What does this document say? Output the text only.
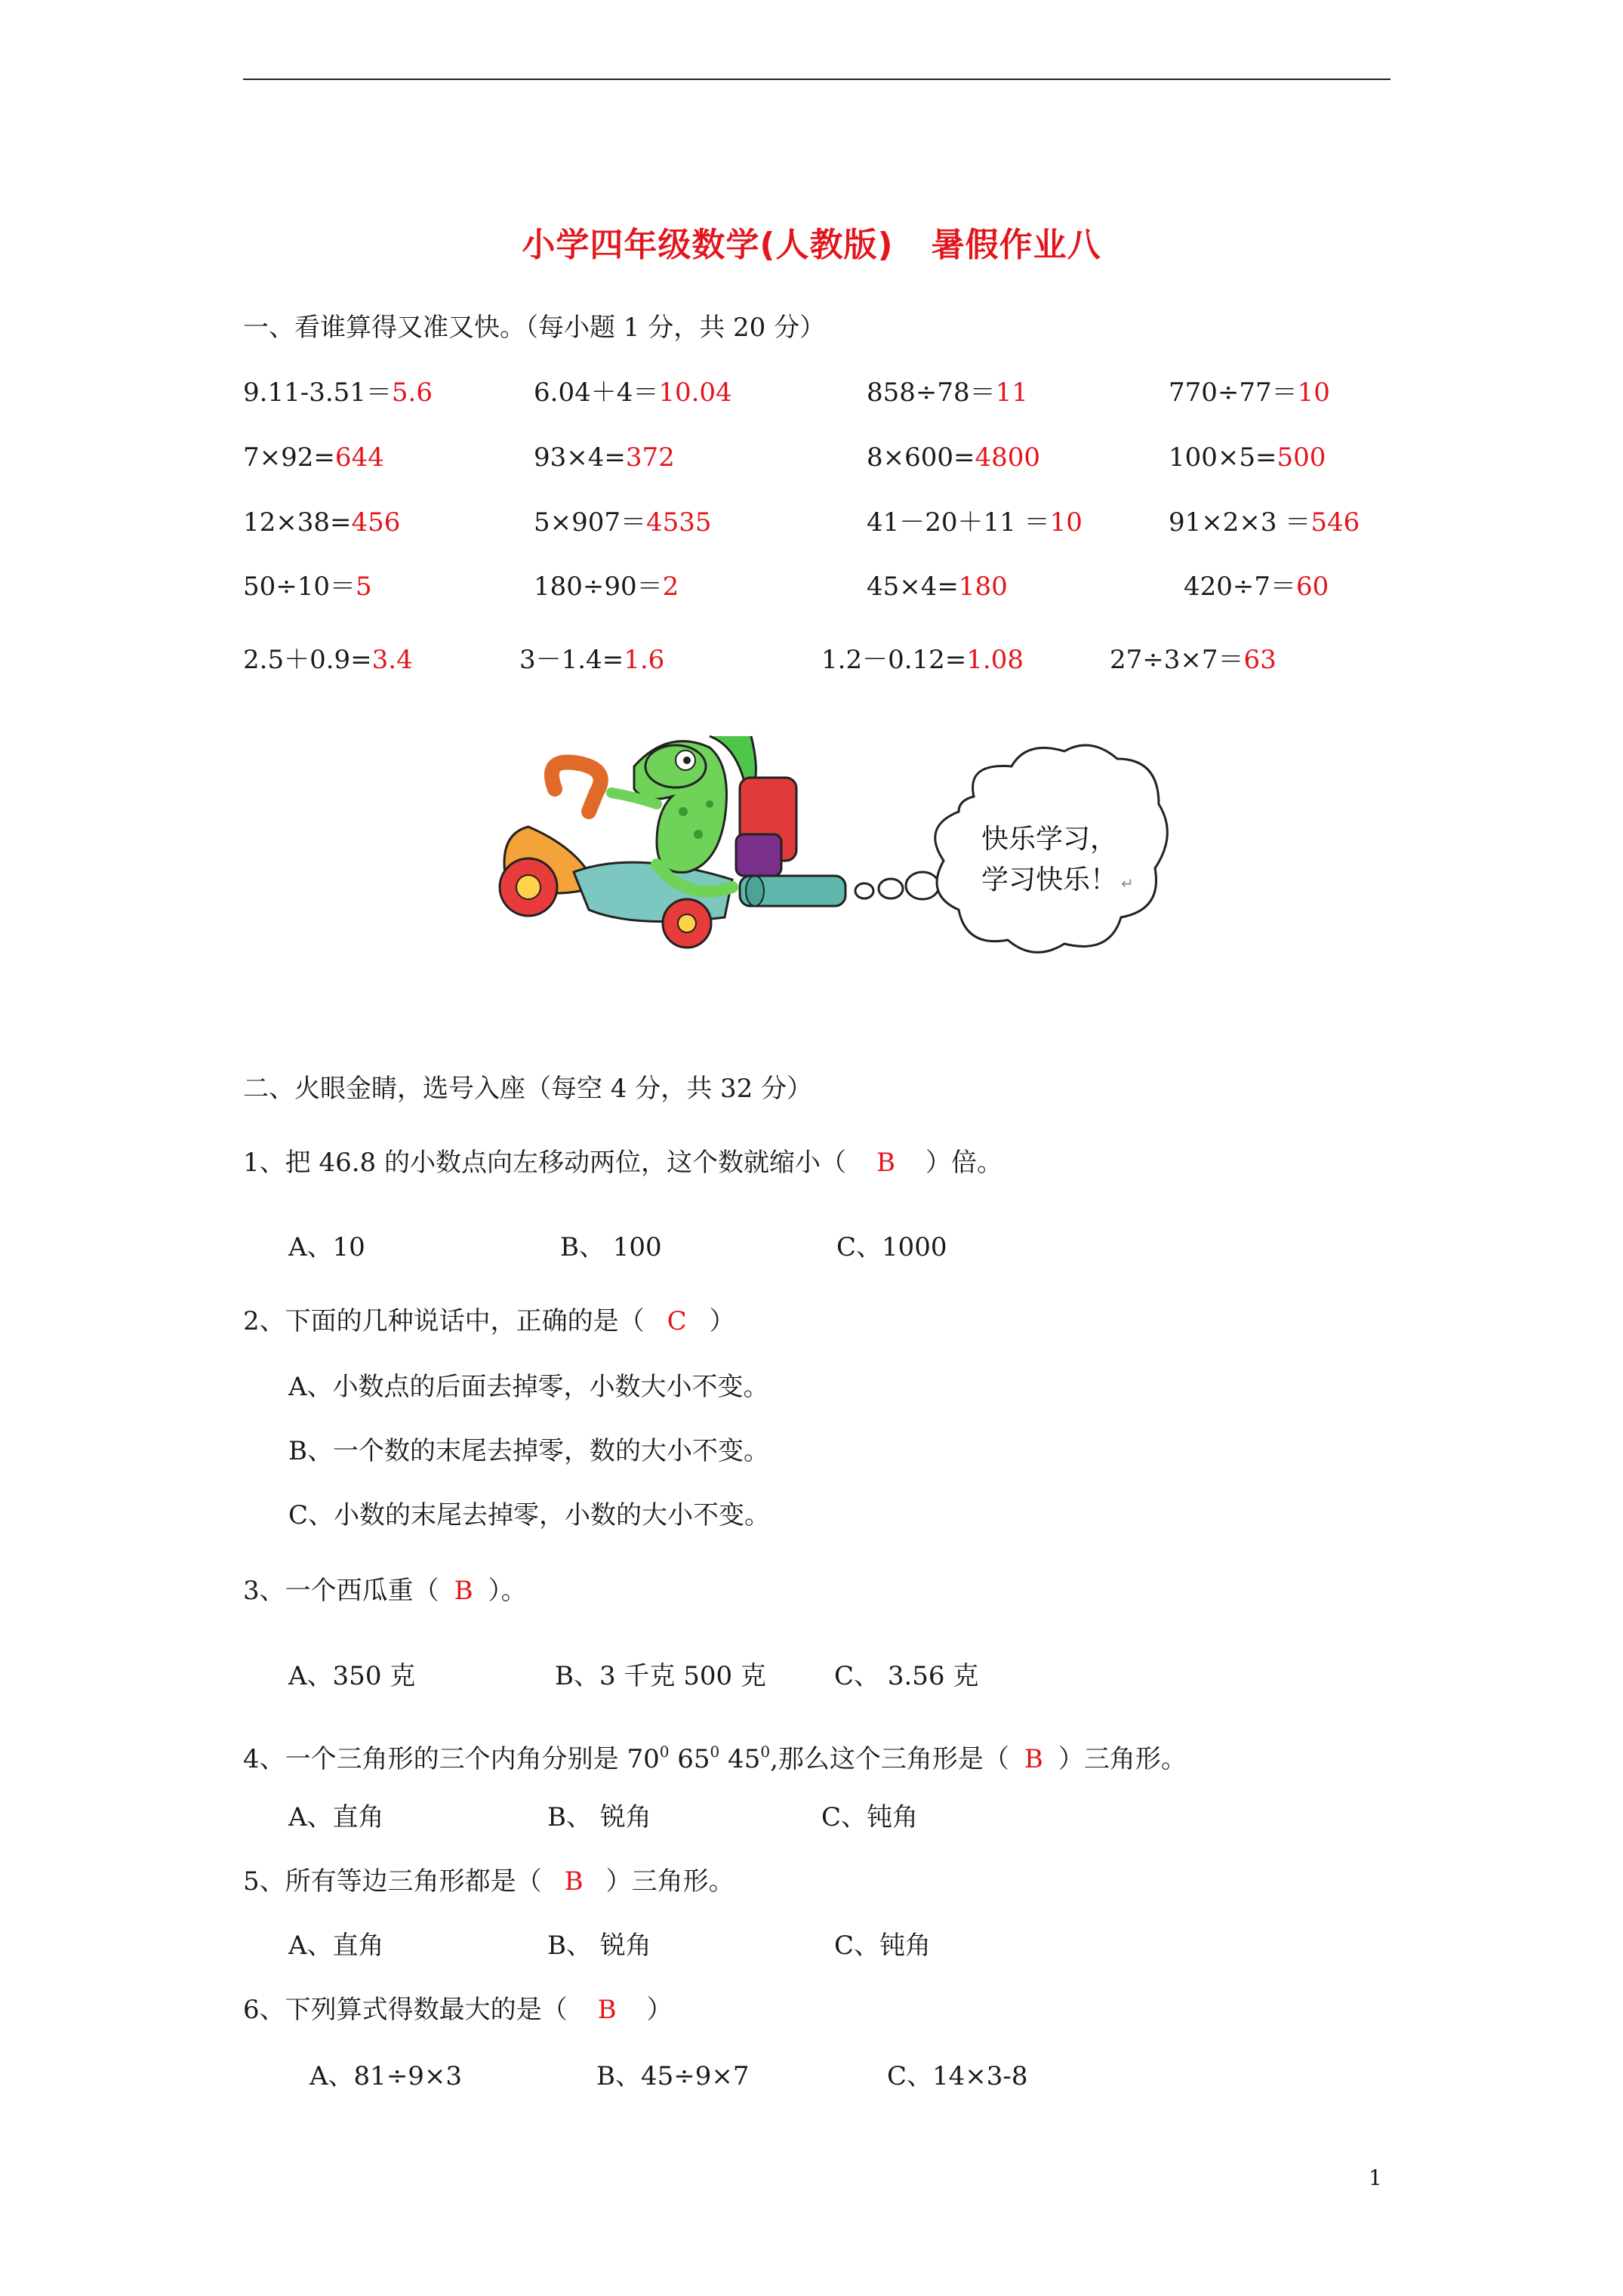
小学四年级数学(人教版) 暑假作业八
一、看谁算得又准又快。（每小题 1 分，共 20 分）
9.11-3.51＝5.6	6.04＋4＝10.04	858÷78＝11	770÷77＝10
7×92=644	93×4=372	8×600=4800	100×5=500
12×38=456	5×907＝4535	41－20＋11 ＝10	91×2×3 ＝546
50÷10＝5	180÷90＝2	45×4=180	420÷7＝60
2.5＋0.9=3.4	3－1.4=1.6	1.2－0.12=1.08	27÷3×7＝63
快乐学习，
学习快乐！ ↵
二、火眼金睛，选号入座（每空 4 分，共 32 分）
1、把 46.8 的小数点向左移动两位，这个数就缩小（ B ）倍。
A、10	B、 100	C、1000
2、下面的几种说话中，正确的是（ C ）
A、小数点的后面去掉零，小数大小不变。
B、一个数的末尾去掉零，数的大小不变。
C、小数的末尾去掉零，小数的大小不变。
3、一个西瓜重（ B ）。
A、350 克	B、3 千克 500 克	C、 3.56 克
4、一个三角形的三个内角分别是 $70^0$ $65^0$ $45^0$,那么这个三角形是（ B ）三角形。
A、直角	B、 锐角	C、钝角
5、所有等边三角形都是（ B ）三角形。
A、直角	B、 锐角	C、钝角
6、下列算式得数最大的是（ B ）
A、81÷9×3	B、45÷9×7	C、14×3-8
1
